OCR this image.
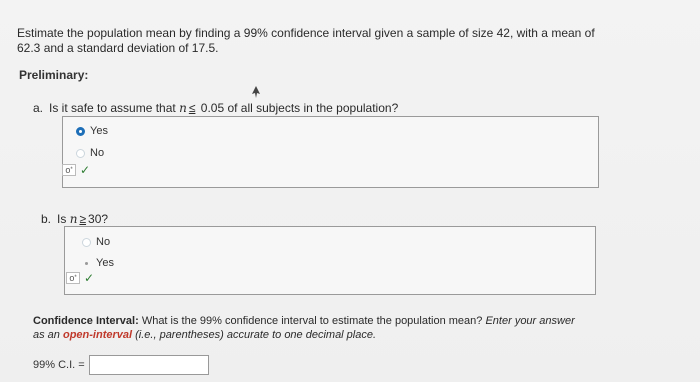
Estimate the population mean by finding a 99% confidence interval given a sample of size 42, with a mean of
62.3 and a standard deviation of 17.5.
Preliminary:
a. Is it safe to assume that n ≤ 0.05 of all subjects in the population?
Yes
No
o * ✓
b. Is n ≥ 30?
No
Yes
o * ✓
Confidence Interval: What is the 99% confidence interval to estimate the population mean? Enter your answer
as an open-interval (i.e., parentheses) accurate to one decimal place.
99% C.I. =
